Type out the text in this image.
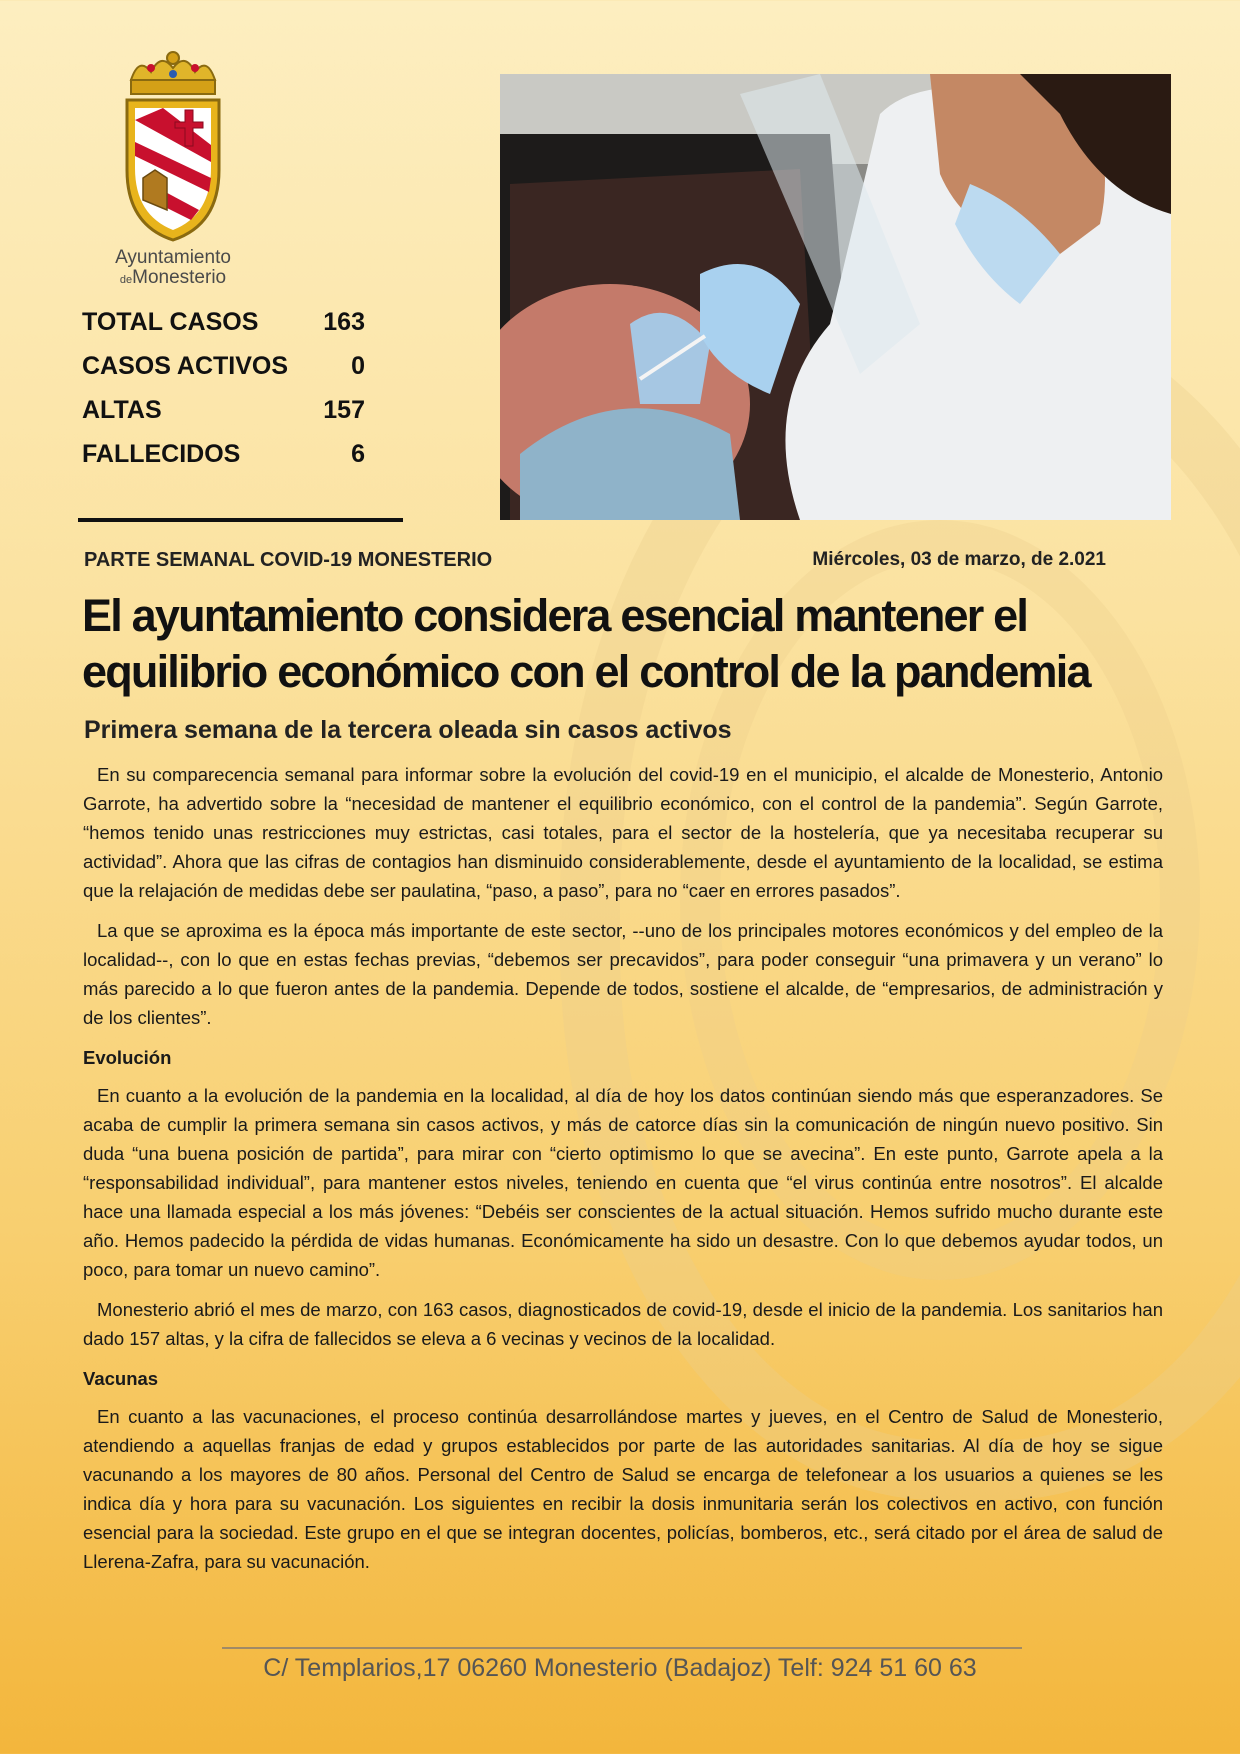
Ayuntamiento
deMonesterio
TOTAL CASOS	163
CASOS ACTIVOS	0
ALTAS	157
FALLECIDOS	6
PARTE SEMANAL COVID-19 MONESTERIO	Miércoles, 03 de marzo, de 2.021
El ayuntamiento considera esencial mantener el equilibrio económico con el control de la pandemia
Primera semana de la tercera oleada sin casos activos

En su comparecencia semanal para informar sobre la evolución del covid-19 en el municipio, el alcalde de Monesterio, Antonio Garrote, ha advertido sobre la “necesidad de mantener el equilibrio económico, con el control de la pandemia”. Según Garrote, “hemos tenido unas restricciones muy estrictas, casi totales, para el sector de la hostelería, que ya necesitaba recuperar su actividad”. Ahora que las cifras de contagios han disminuido considerablemente, desde el ayuntamiento de la localidad, se estima que la relajación de medidas debe ser paulatina, “paso, a paso”, para no “caer en errores pasados”.

La que se aproxima es la época más importante de este sector, --uno de los principales motores económicos y del empleo de la localidad--, con lo que en estas fechas previas, “debemos ser precavidos”, para poder conseguir “una primavera y un verano” lo más parecido a lo que fueron antes de la pandemia. Depende de todos, sostiene el alcalde, de “empresarios, de administración y de los clientes”.

Evolución

En cuanto a la evolución de la pandemia en la localidad, al día de hoy los datos continúan siendo más que esperanzadores. Se acaba de cumplir la primera semana sin casos activos, y más de catorce días sin la comunicación de ningún nuevo positivo. Sin duda “una buena posición de partida”, para mirar con “cierto optimismo lo que se avecina”. En este punto, Garrote apela a la “responsabilidad individual”, para mantener estos niveles, teniendo en cuenta que “el virus continúa entre nosotros”. El alcalde hace una llamada especial a los más jóvenes: “Debéis ser conscientes de la actual situación. Hemos sufrido mucho durante este año. Hemos padecido la pérdida de vidas humanas. Económicamente ha sido un desastre. Con lo que debemos ayudar todos, un poco, para tomar un nuevo camino”.

Monesterio abrió el mes de marzo, con 163 casos, diagnosticados de covid-19, desde el inicio de la pandemia. Los sanitarios han dado 157 altas, y la cifra de fallecidos se eleva a 6 vecinas y vecinos de la localidad.

Vacunas

En cuanto a las vacunaciones, el proceso continúa desarrollándose martes y jueves, en el Centro de Salud de Monesterio, atendiendo a aquellas franjas de edad y grupos establecidos por parte de las autoridades sanitarias. Al día de hoy se sigue vacunando a los mayores de 80 años. Personal del Centro de Salud se encarga de telefonear a los usuarios a quienes se les indica día y hora para su vacunación. Los siguientes en recibir la dosis inmunitaria serán los colectivos en activo, con función esencial para la sociedad. Este grupo en el que se integran docentes, policías, bomberos, etc., será citado por el área de salud de Llerena-Zafra, para su vacunación.

C/ Templarios,17 06260 Monesterio (Badajoz) Telf: 924 51 60 63
